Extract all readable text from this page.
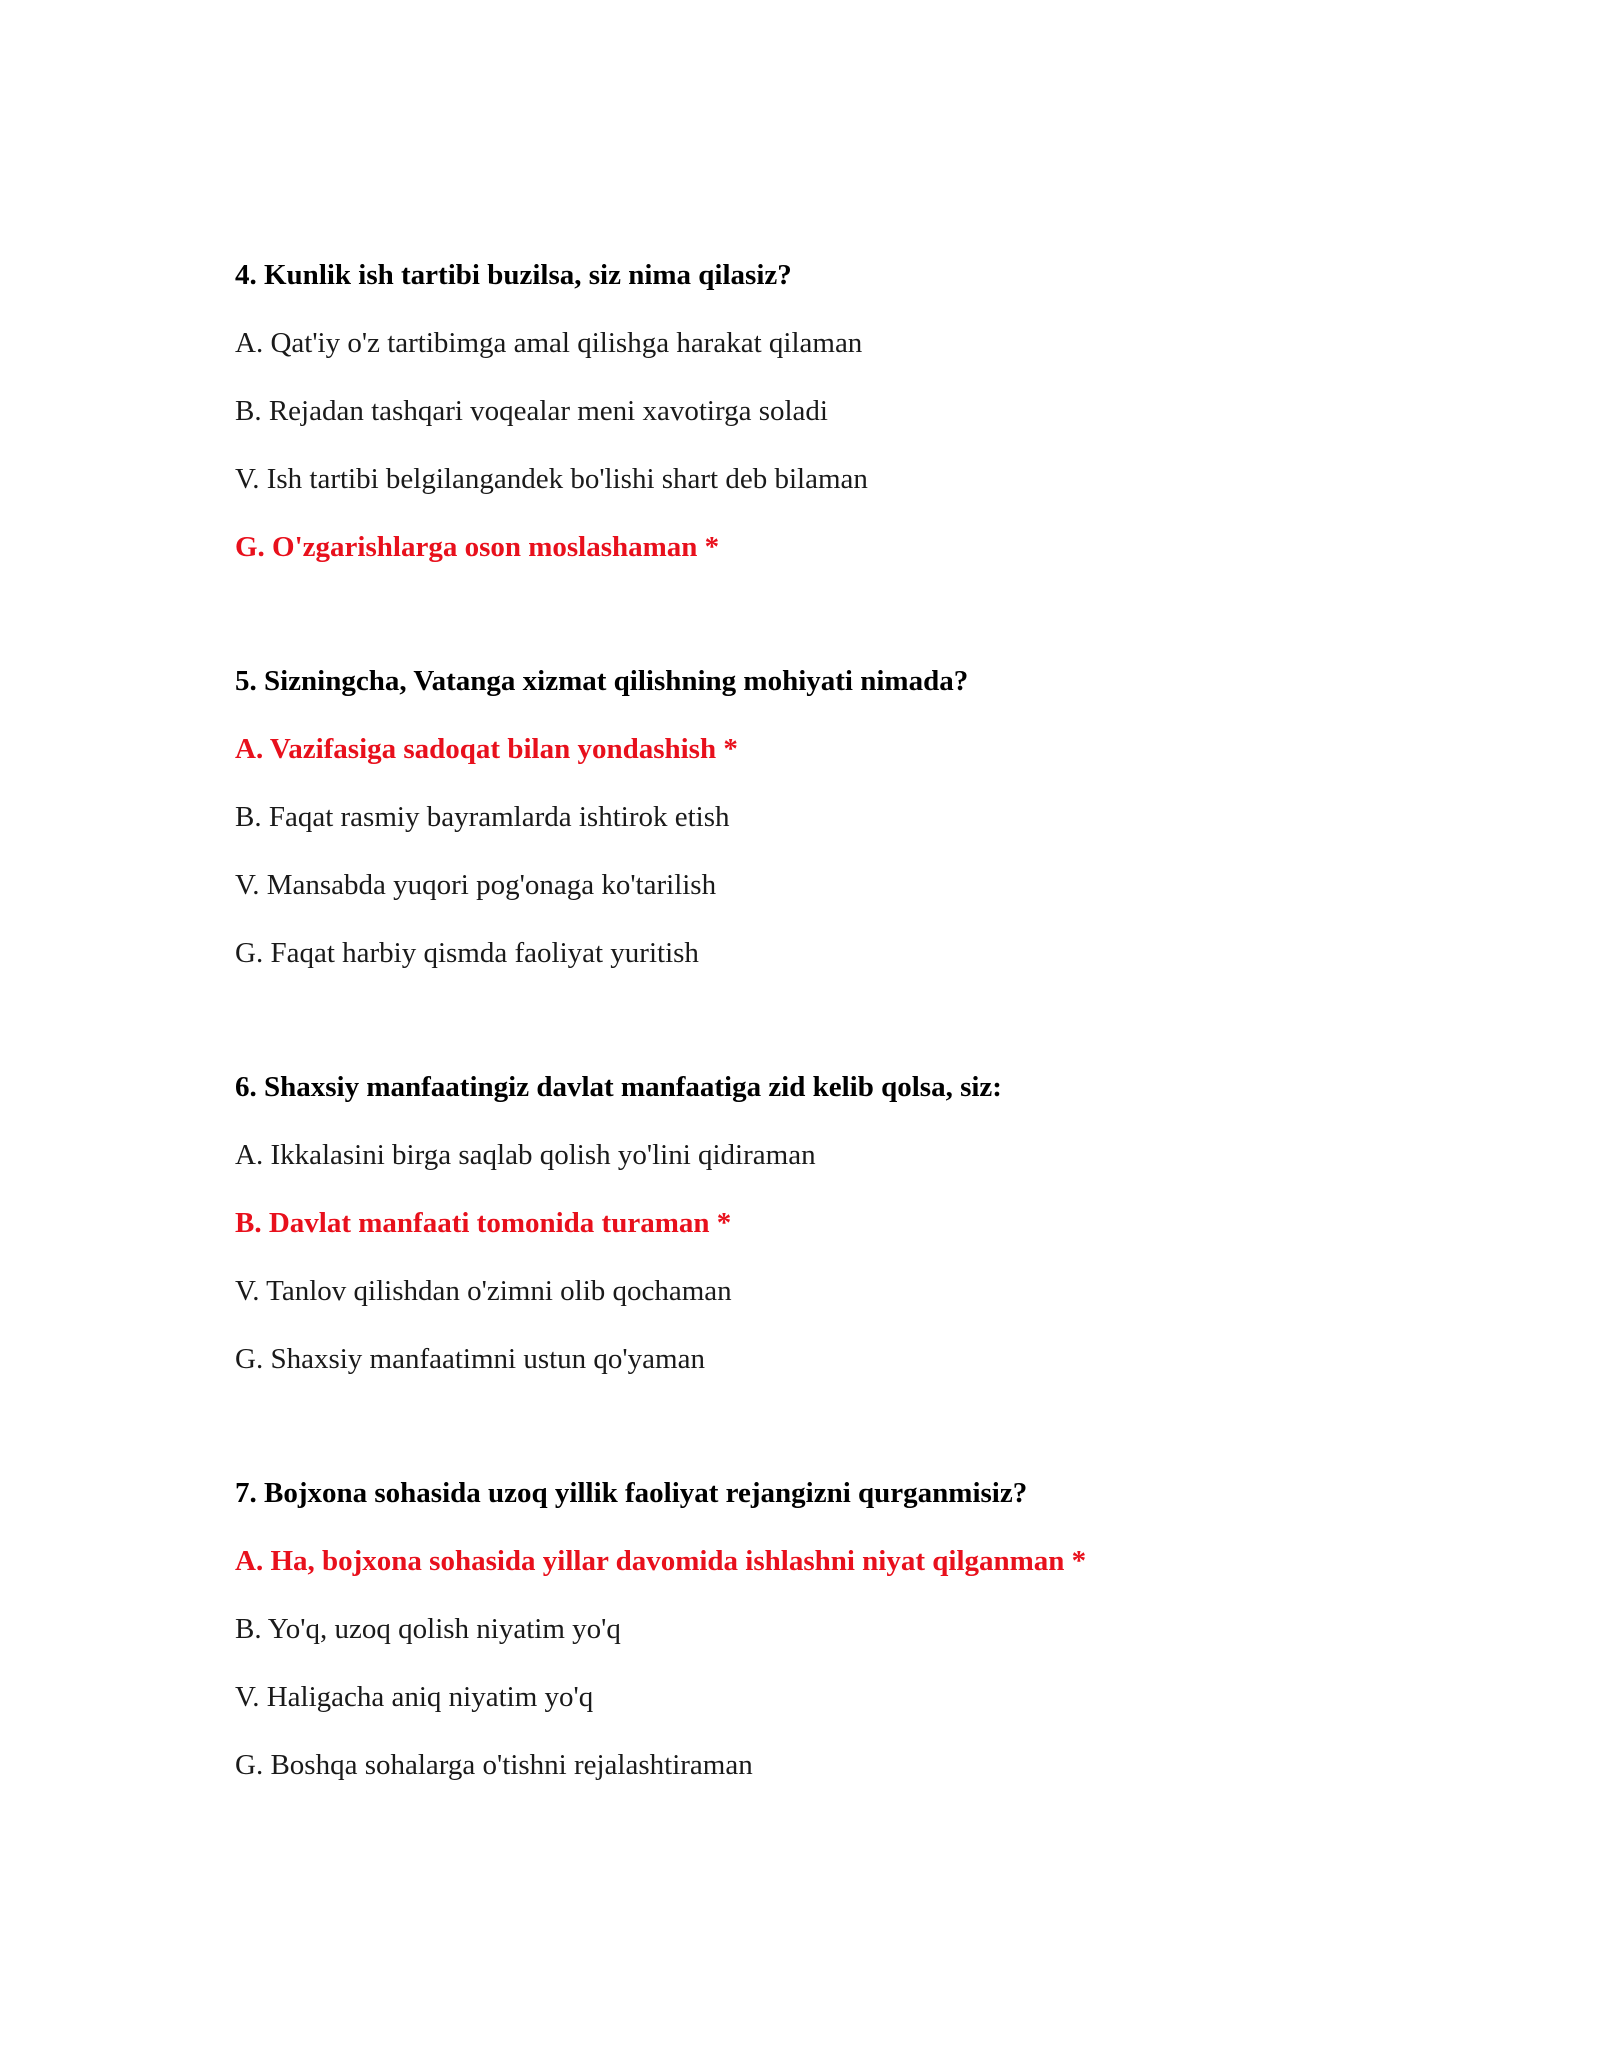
4. Kunlik ish tartibi buzilsa, siz nima qilasiz?
A. Qat'iy o'z tartibimga amal qilishga harakat qilaman
B. Rejadan tashqari voqealar meni xavotirga soladi
V. Ish tartibi belgilangandek bo'lishi shart deb bilaman
G. O'zgarishlarga oson moslashaman *
5. Sizningcha, Vatanga xizmat qilishning mohiyati nimada?
A. Vazifasiga sadoqat bilan yondashish *
B. Faqat rasmiy bayramlarda ishtirok etish
V. Mansabda yuqori pog'onaga ko'tarilish
G. Faqat harbiy qismda faoliyat yuritish
6. Shaxsiy manfaatingiz davlat manfaatiga zid kelib qolsa, siz:
A. Ikkalasini birga saqlab qolish yo'lini qidiraman
B. Davlat manfaati tomonida turaman *
V. Tanlov qilishdan o'zimni olib qochaman
G. Shaxsiy manfaatimni ustun qo'yaman
7. Bojxona sohasida uzoq yillik faoliyat rejangizni qurganmisiz?
A. Ha, bojxona sohasida yillar davomida ishlashni niyat qilganman *
B. Yo'q, uzoq qolish niyatim yo'q
V. Haligacha aniq niyatim yo'q
G. Boshqa sohalarga o'tishni rejalashtiraman
